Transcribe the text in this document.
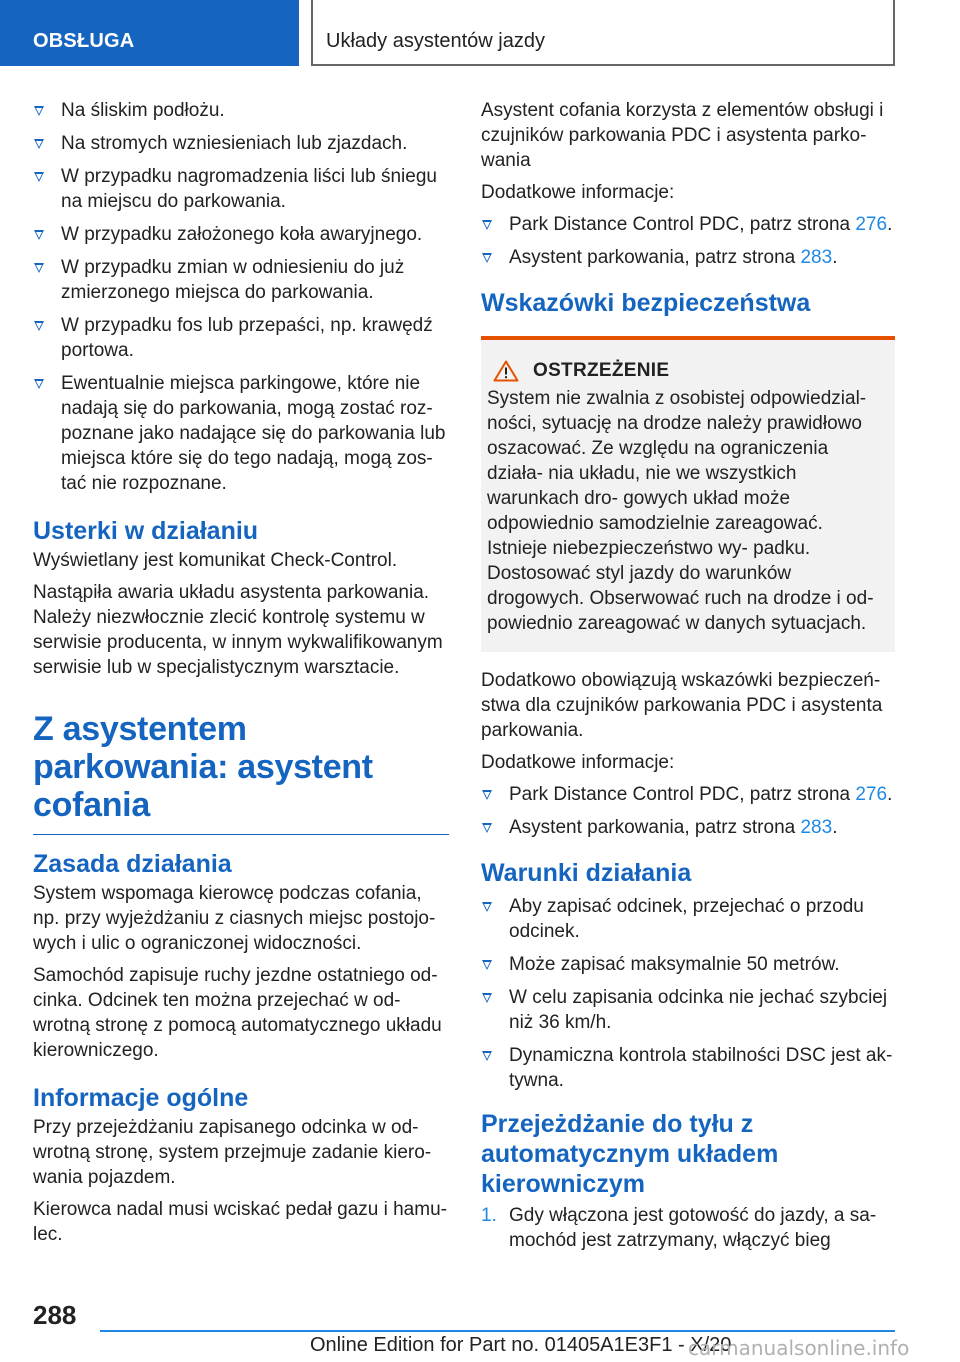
OBSŁUGA	Układy asystentów jazdy
Na śliskim podłożu.
Na stromych wzniesieniach lub zjazdach.
W przypadku nagromadzenia liści lub śniegu na miejscu do parkowania.
W przypadku założonego koła awaryjnego.
W przypadku zmian w odniesieniu do już zmierzonego miejsca do parkowania.
W przypadku fos lub przepaści, np. krawędź portowa.
Ewentualnie miejsca parkingowe, które nie nadają się do parkowania, mogą zostać roz- poznane jako nadające się do parkowania lub miejsca które się do tego nadają, mogą zos- tać nie rozpoznane.
Usterki w działaniu

Wyświetlany jest komunikat Check-Control.

Nastąpiła awaria układu asystenta parkowania. Należy niezwłocznie zlecić kontrolę systemu w serwisie producenta, w innym wykwalifikowanym serwisie lub w specjalistycznym warsztacie.

Z asystentem parkowania: asystent cofania
Zasada działania

System wspomaga kierowcę podczas cofania, np. przy wyjeżdżaniu z ciasnych miejsc postojo- wych i ulic o ograniczonej widoczności.

Samochód zapisuje ruchy jezdne ostatniego od- cinka. Odcinek ten można przejechać w od- wrotną stronę z pomocą automatycznego układu kierowniczego.

Informacje ogólne

Przy przejeżdżaniu zapisanego odcinka w od- wrotną stronę, system przejmuje zadanie kiero- wania pojazdem.

Kierowca nadal musi wciskać pedał gazu i hamu- lec.

Asystent cofania korzysta z elementów obsługi i czujników parkowania PDC i asystenta parko- wania

Dodatkowe informacje:

Park Distance Control PDC, patrz strona 276.
Asystent parkowania, patrz strona 283.
Wskazówki bezpieczeństwa
OSTRZEŻENIE
System nie zwalnia z osobistej odpowiedzial- ności, sytuację na drodze należy prawidłowo oszacować. Ze względu na ograniczenia działa- nia układu, nie we wszystkich warunkach dro- gowych układ może odpowiednio samodzielnie zareagować. Istnieje niebezpieczeństwo wy- padku. Dostosować styl jazdy do warunków drogowych. Obserwować ruch na drodze i od- powiednio zareagować w danych sytuacjach.

Dodatkowo obowiązują wskazówki bezpieczeń- stwa dla czujników parkowania PDC i asystenta parkowania.

Dodatkowe informacje:

Park Distance Control PDC, patrz strona 276.
Asystent parkowania, patrz strona 283.
Warunki działania
Aby zapisać odcinek, przejechać o przodu odcinek.
Może zapisać maksymalnie 50 metrów.
W celu zapisania odcinka nie jechać szybciej niż 36 km/h.
Dynamiczna kontrola stabilności DSC jest ak- tywna.
Przejeżdżanie do tyłu z automatycznym układem kierowniczym
1. Gdy włączona jest gotowość do jazdy, a sa- mochód jest zatrzymany, włączyć bieg
288
Online Edition for Part no. 01405A1E3F1 - X/20
carmanualsonline.info
